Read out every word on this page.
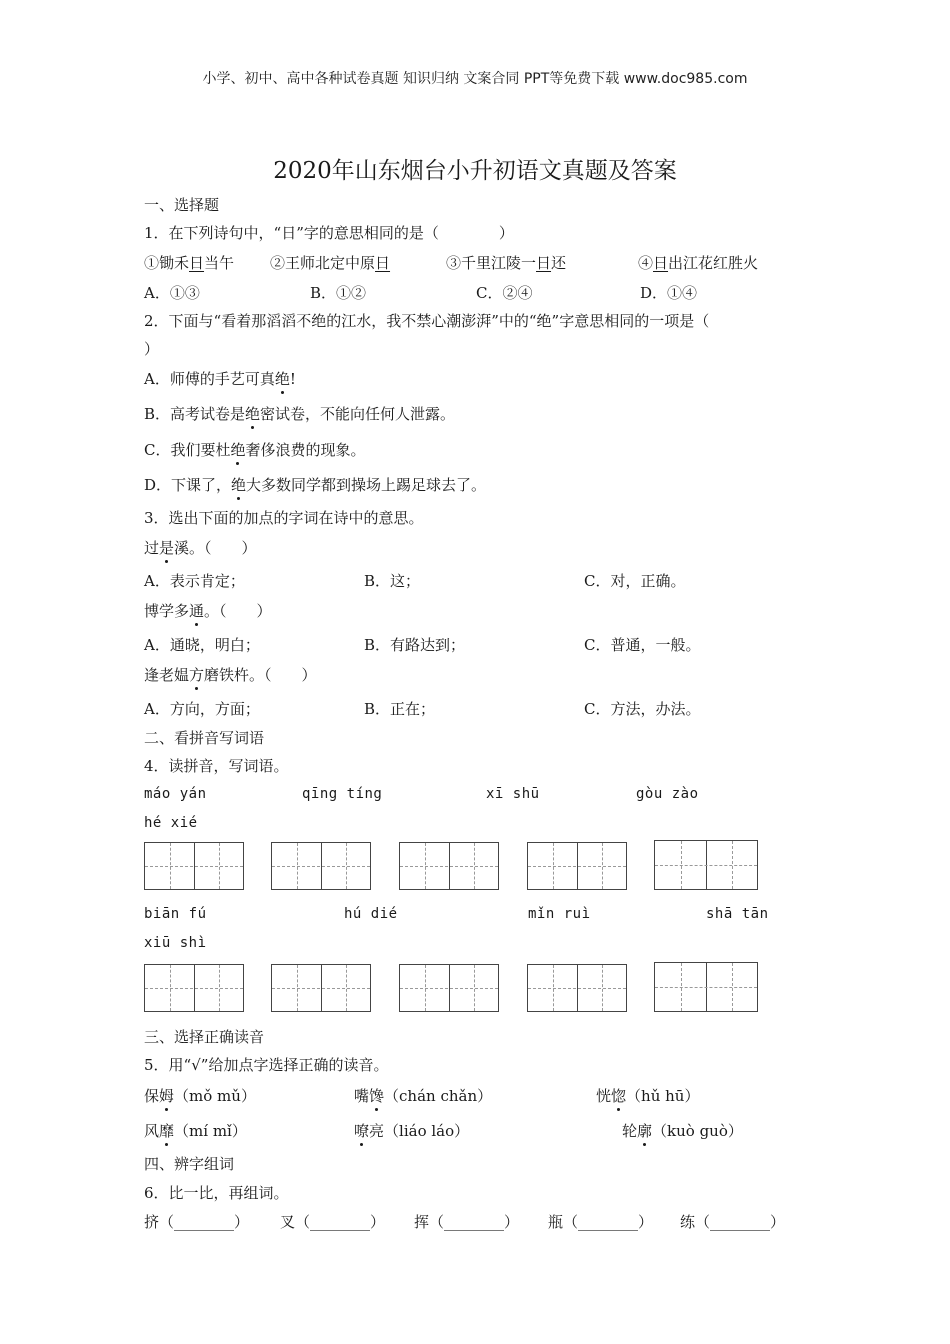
小学、初中、高中各种试卷真题 知识归纳 文案合同 PPT等免费下载 www.doc985.com
2020年山东烟台小升初语文真题及答案
一、选择题
1．在下列诗句中，“日”字的意思相同的是（　　　　）
①锄禾日当午 ②王师北定中原日	③千里江陵一日还	④日出江花红胜火
A．①③	B．①②	C．②④	D．①④
2．下面与“看着那滔滔不绝的江水，我不禁心潮澎湃”中的“绝”字意思相同的一项是（
）
A．师傅的手艺可真绝!
B．高考试卷是绝密试卷，不能向任何人泄露。
C．我们要杜绝奢侈浪费的现象。
D．下课了，绝大多数同学都到操场上踢足球去了。
3．选出下面的加点的字词在诗中的意思。
过是溪。（　　）
A．表示肯定；	B．这；	C．对，正确。
博学多通。（　　）
A．通晓，明白；	B．有路达到；	C．普通，一般。
逢老媪方磨铁杵。（　　）
A．方向，方面；	B．正在；	C．方法，办法。
二、看拼音写词语
4．读拼音，写词语。
máo yán	qīng tíng	xī shū	gòu zào
hé xié
biān fú	hú dié	mǐn ruì	shā tān
xiū shì
三、选择正确读音
5．用“√”给加点字选择正确的读音。
保姆（mǒ mǔ）	嘴馋（chán chǎn）	恍惚（hǔ hū）
风靡（mí mǐ）	嘹亮（liáo láo）	轮廓（kuò guò）
四、辨字组词
6．比一比，再组词。
挤（________） 叉（________） 挥（________） 瓶（________） 练（________）
